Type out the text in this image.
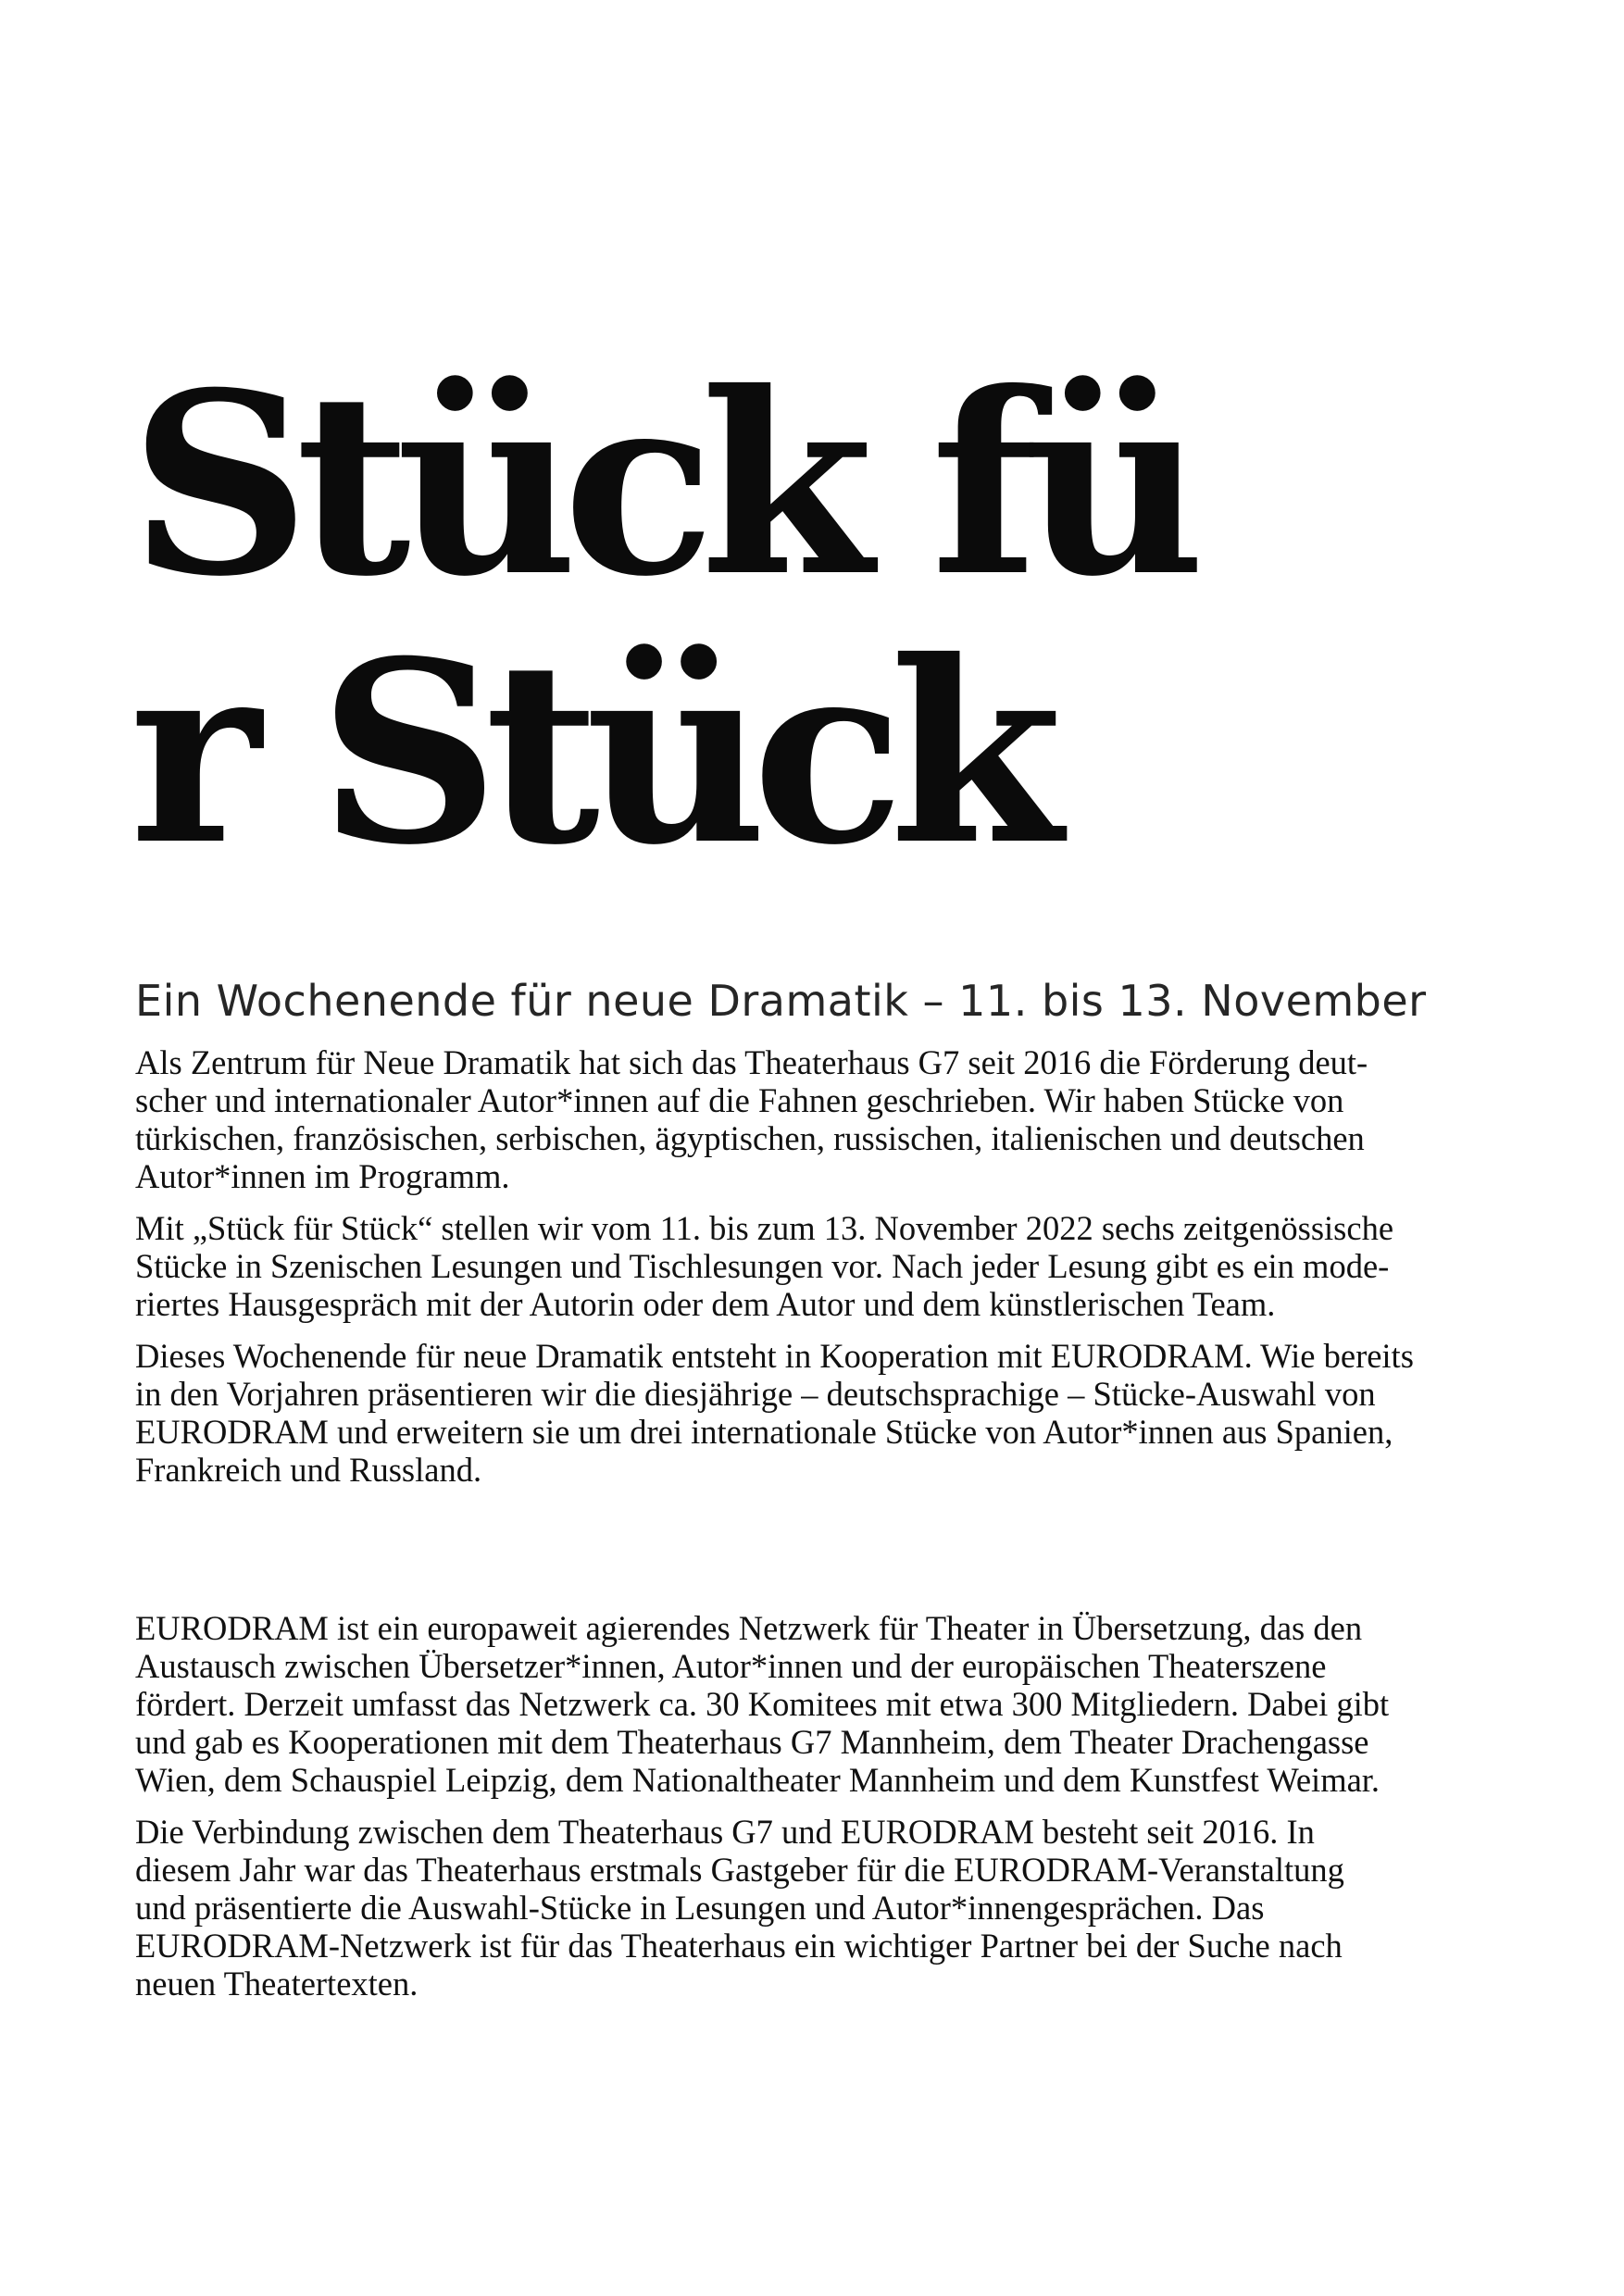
Stück fü
r Stück
Ein Wochenende für neue Dramatik – 11. bis 13. November

Als Zentrum für Neue Dramatik hat sich das Theaterhaus G7 seit 2016 die Förderung deut-
scher und internationaler Autor*innen auf die Fahnen geschrieben. Wir haben Stücke von
türkischen, französischen, serbischen, ägyptischen, russischen, italienischen und deutschen
Autor*innen im Programm.

Mit „Stück für Stück“ stellen wir vom 11. bis zum 13. November 2022 sechs zeitgenössische
Stücke in Szenischen Lesungen und Tischlesungen vor. Nach jeder Lesung gibt es ein mode-
riertes Hausgespräch mit der Autorin oder dem Autor und dem künstlerischen Team.

Dieses Wochenende für neue Dramatik entsteht in Kooperation mit EURODRAM. Wie bereits
in den Vorjahren präsentieren wir die diesjährige – deutschsprachige – Stücke-Auswahl von
EURODRAM und erweitern sie um drei internationale Stücke von Autor*innen aus Spanien,
Frankreich und Russland.

EURODRAM ist ein europaweit agierendes Netzwerk für Theater in Übersetzung, das den
Austausch zwischen Übersetzer*innen, Autor*innen und der europäischen Theaterszene
fördert. Derzeit umfasst das Netzwerk ca. 30 Komitees mit etwa 300 Mitgliedern. Dabei gibt
und gab es Kooperationen mit dem Theaterhaus G7 Mannheim, dem Theater Drachengasse
Wien, dem Schauspiel Leipzig, dem Nationaltheater Mannheim und dem Kunstfest Weimar.

Die Verbindung zwischen dem Theaterhaus G7 und EURODRAM besteht seit 2016. In
diesem Jahr war das Theaterhaus erstmals Gastgeber für die EURODRAM-Veranstaltung
und präsentierte die Auswahl-Stücke in Lesungen und Autor*innengesprächen. Das
EURODRAM-Netzwerk ist für das Theaterhaus ein wichtiger Partner bei der Suche nach
neuen Theatertexten.
